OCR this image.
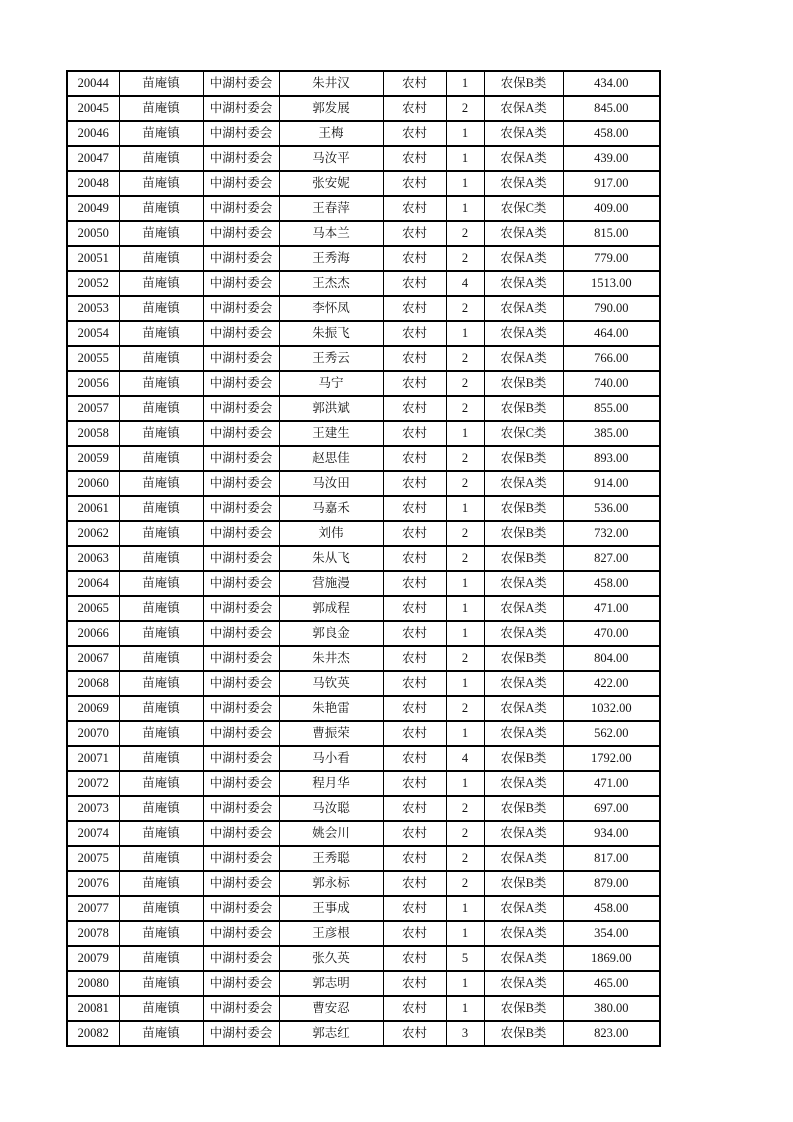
20044	苗庵镇	中湖村委会	朱井汉	农村	1	农保B类	434.00
20045	苗庵镇	中湖村委会	郭发展	农村	2	农保A类	845.00
20046	苗庵镇	中湖村委会	王梅	农村	1	农保A类	458.00
20047	苗庵镇	中湖村委会	马汝平	农村	1	农保A类	439.00
20048	苗庵镇	中湖村委会	张安妮	农村	1	农保A类	917.00
20049	苗庵镇	中湖村委会	王春萍	农村	1	农保C类	409.00
20050	苗庵镇	中湖村委会	马本兰	农村	2	农保A类	815.00
20051	苗庵镇	中湖村委会	王秀海	农村	2	农保A类	779.00
20052	苗庵镇	中湖村委会	王杰杰	农村	4	农保A类	1513.00
20053	苗庵镇	中湖村委会	李怀凤	农村	2	农保A类	790.00
20054	苗庵镇	中湖村委会	朱振飞	农村	1	农保A类	464.00
20055	苗庵镇	中湖村委会	王秀云	农村	2	农保A类	766.00
20056	苗庵镇	中湖村委会	马宁	农村	2	农保B类	740.00
20057	苗庵镇	中湖村委会	郭洪斌	农村	2	农保B类	855.00
20058	苗庵镇	中湖村委会	王建生	农村	1	农保C类	385.00
20059	苗庵镇	中湖村委会	赵思佳	农村	2	农保B类	893.00
20060	苗庵镇	中湖村委会	马汝田	农村	2	农保A类	914.00
20061	苗庵镇	中湖村委会	马嘉禾	农村	1	农保B类	536.00
20062	苗庵镇	中湖村委会	刘伟	农村	2	农保B类	732.00
20063	苗庵镇	中湖村委会	朱从飞	农村	2	农保B类	827.00
20064	苗庵镇	中湖村委会	营施漫	农村	1	农保A类	458.00
20065	苗庵镇	中湖村委会	郭成程	农村	1	农保A类	471.00
20066	苗庵镇	中湖村委会	郭良金	农村	1	农保A类	470.00
20067	苗庵镇	中湖村委会	朱井杰	农村	2	农保B类	804.00
20068	苗庵镇	中湖村委会	马钦英	农村	1	农保A类	422.00
20069	苗庵镇	中湖村委会	朱艳雷	农村	2	农保A类	1032.00
20070	苗庵镇	中湖村委会	曹振荣	农村	1	农保A类	562.00
20071	苗庵镇	中湖村委会	马小看	农村	4	农保B类	1792.00
20072	苗庵镇	中湖村委会	程月华	农村	1	农保A类	471.00
20073	苗庵镇	中湖村委会	马汝聪	农村	2	农保B类	697.00
20074	苗庵镇	中湖村委会	姚会川	农村	2	农保A类	934.00
20075	苗庵镇	中湖村委会	王秀聪	农村	2	农保A类	817.00
20076	苗庵镇	中湖村委会	郭永标	农村	2	农保B类	879.00
20077	苗庵镇	中湖村委会	王事成	农村	1	农保A类	458.00
20078	苗庵镇	中湖村委会	王彦根	农村	1	农保A类	354.00
20079	苗庵镇	中湖村委会	张久英	农村	5	农保A类	1869.00
20080	苗庵镇	中湖村委会	郭志明	农村	1	农保A类	465.00
20081	苗庵镇	中湖村委会	曹安忍	农村	1	农保B类	380.00
20082	苗庵镇	中湖村委会	郭志红	农村	3	农保B类	823.00
